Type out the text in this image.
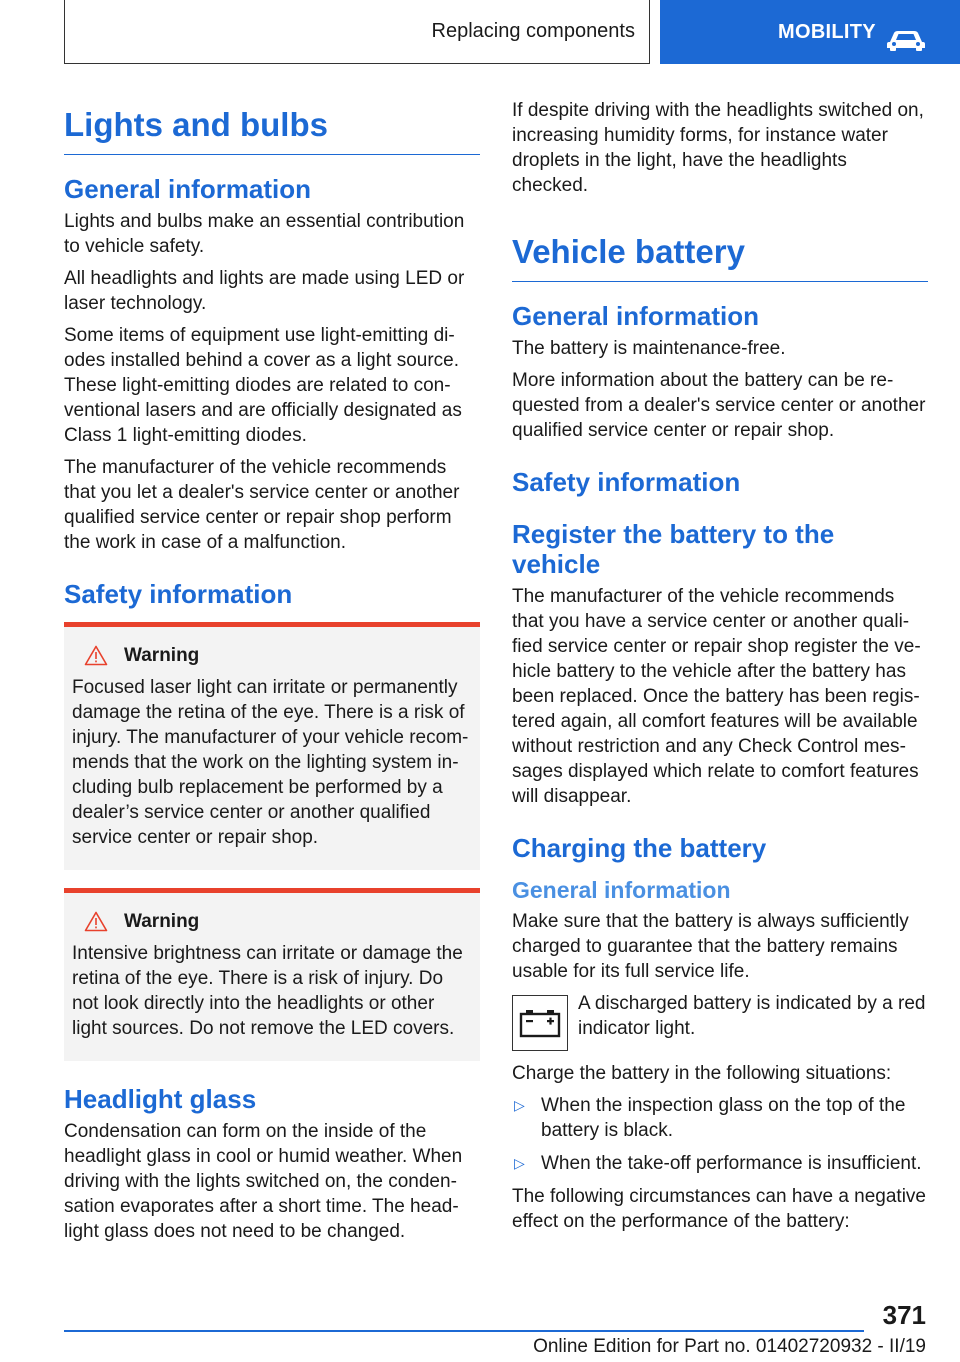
Replacing components	MOBILITY
Lights and bulbs
General information

Lights and bulbs make an essential contribution to vehicle safety.

All headlights and lights are made using LED or laser technology.

Some items of equipment use light-emitting diodes installed behind a cover as a light source. These light-emitting diodes are related to conventional lasers and are officially designated as Class 1 light-emitting diodes.

The manufacturer of the vehicle recommends that you let a dealer's service center or another qualified service center or repair shop perform the work in case of a malfunction.

Safety information
Warning

Focused laser light can irritate or permanently damage the retina of the eye. There is a risk of injury. The manufacturer of your vehicle recommends that the work on the lighting system including bulb replacement be performed by a dealer’s service center or another qualified service center or repair shop.

Warning

Intensive brightness can irritate or damage the retina of the eye. There is a risk of injury. Do not look directly into the headlights or other light sources. Do not remove the LED covers.

Headlight glass

Condensation can form on the inside of the headlight glass in cool or humid weather. When driving with the lights switched on, the condensation evaporates after a short time. The headlight glass does not need to be changed.

If despite driving with the headlights switched on, increasing humidity forms, for instance water droplets in the light, have the headlights checked.

Vehicle battery
General information

The battery is maintenance-free.

More information about the battery can be requested from a dealer's service center or another qualified service center or repair shop.

Safety information
Register the battery to the vehicle

The manufacturer of the vehicle recommends that you have a service center or another qualified service center or repair shop register the vehicle battery to the vehicle after the battery has been replaced. Once the battery has been registered again, all comfort features will be available without restriction and any Check Control messages displayed which relate to comfort features will disappear.

Charging the battery
General information

Make sure that the battery is always sufficiently charged to guarantee that the battery remains usable for its full service life.

A discharged battery is indicated by a red indicator light.

Charge the battery in the following situations:

▷ When the inspection glass on the top of the battery is black.
▷ When the take-off performance is insufficient.

The following circumstances can have a negative effect on the performance of the battery:

371
Online Edition for Part no. 01402720932 - II/19
